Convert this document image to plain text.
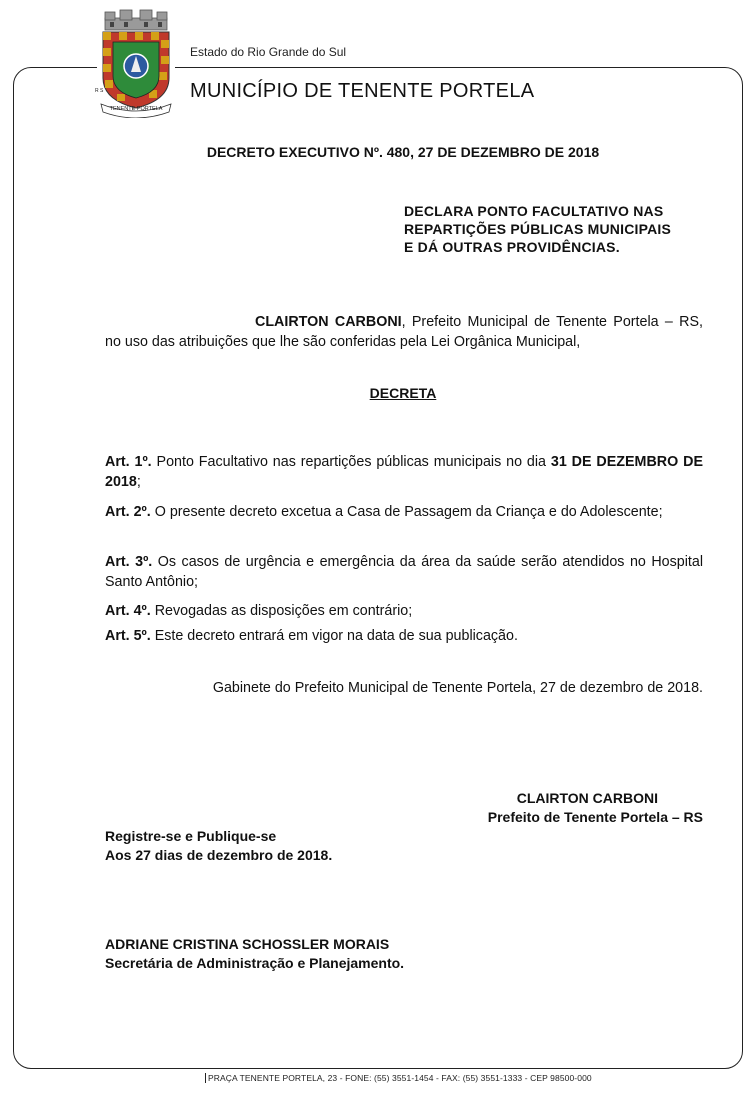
TENENTE PORTELA
R S
Estado do Rio Grande do Sul
MUNICÍPIO DE TENENTE PORTELA
DECRETO EXECUTIVO Nº. 480, 27 DE DEZEMBRO DE 2018
DECLARA PONTO FACULTATIVO NAS
REPARTIÇÕES PÚBLICAS MUNICIPAIS
E DÁ OUTRAS PROVIDÊNCIAS.
CLAIRTON CARBONI, Prefeito Municipal de Tenente Portela – RS, no uso das atribuições que lhe são conferidas pela Lei Orgânica Municipal,
DECRETA
Art. 1º. Ponto Facultativo nas repartições públicas municipais no dia 31 DE DEZEMBRO DE 2018;
Art. 2º. O presente decreto excetua a Casa de Passagem da Criança e do Adolescente;
Art. 3º. Os casos de urgência e emergência da área da saúde serão atendidos no Hospital Santo Antônio;
Art. 4º. Revogadas as disposições em contrário;
Art. 5º. Este decreto entrará em vigor na data de sua publicação.
Gabinete do Prefeito Municipal de Tenente Portela, 27 de dezembro de 2018.
CLAIRTON CARBONI
Prefeito de Tenente Portela – RS
Registre-se e Publique-se
Aos 27 dias de dezembro de 2018.
ADRIANE CRISTINA SCHOSSLER MORAIS
Secretária de Administração e Planejamento.
PRAÇA TENENTE PORTELA, 23 - FONE: (55) 3551-1454 - FAX: (55) 3551-1333 - CEP 98500-000
